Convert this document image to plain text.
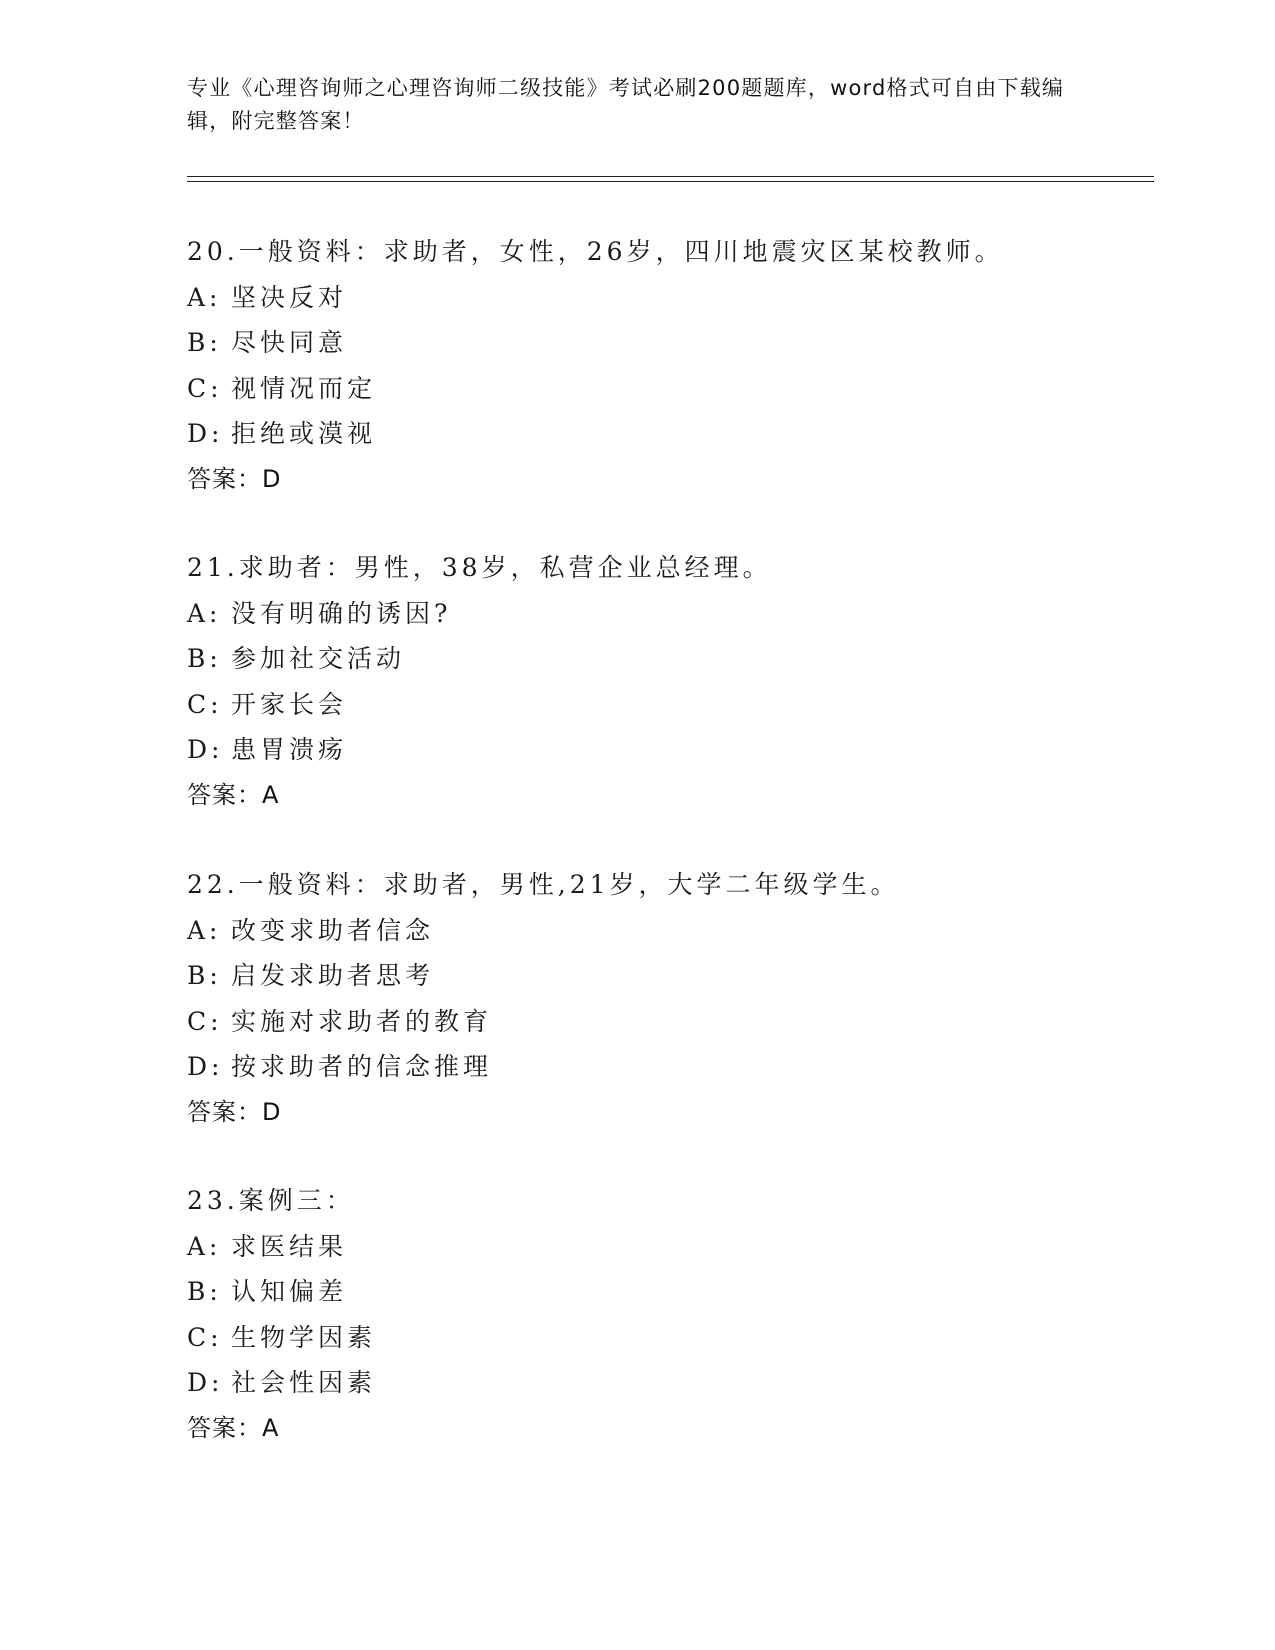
专业《心理咨询师之心理咨询师二级技能》考试必刷200题题库，word格式可自由下载编辑，附完整答案！
20.一般资料：求助者，女性，26岁，四川地震灾区某校教师。
A: 坚决反对
B: 尽快同意
C: 视情况而定
D: 拒绝或漠视
答案：D
21.求助者：男性，38岁，私营企业总经理。
A: 没有明确的诱因?
B: 参加社交活动
C: 开家长会
D: 患胃溃疡
答案：A
22.一般资料：求助者，男性,21岁，大学二年级学生。
A: 改变求助者信念
B: 启发求助者思考
C: 实施对求助者的教育
D: 按求助者的信念推理
答案：D
23.案例三：
A: 求医结果
B: 认知偏差
C: 生物学因素
D: 社会性因素
答案：A
